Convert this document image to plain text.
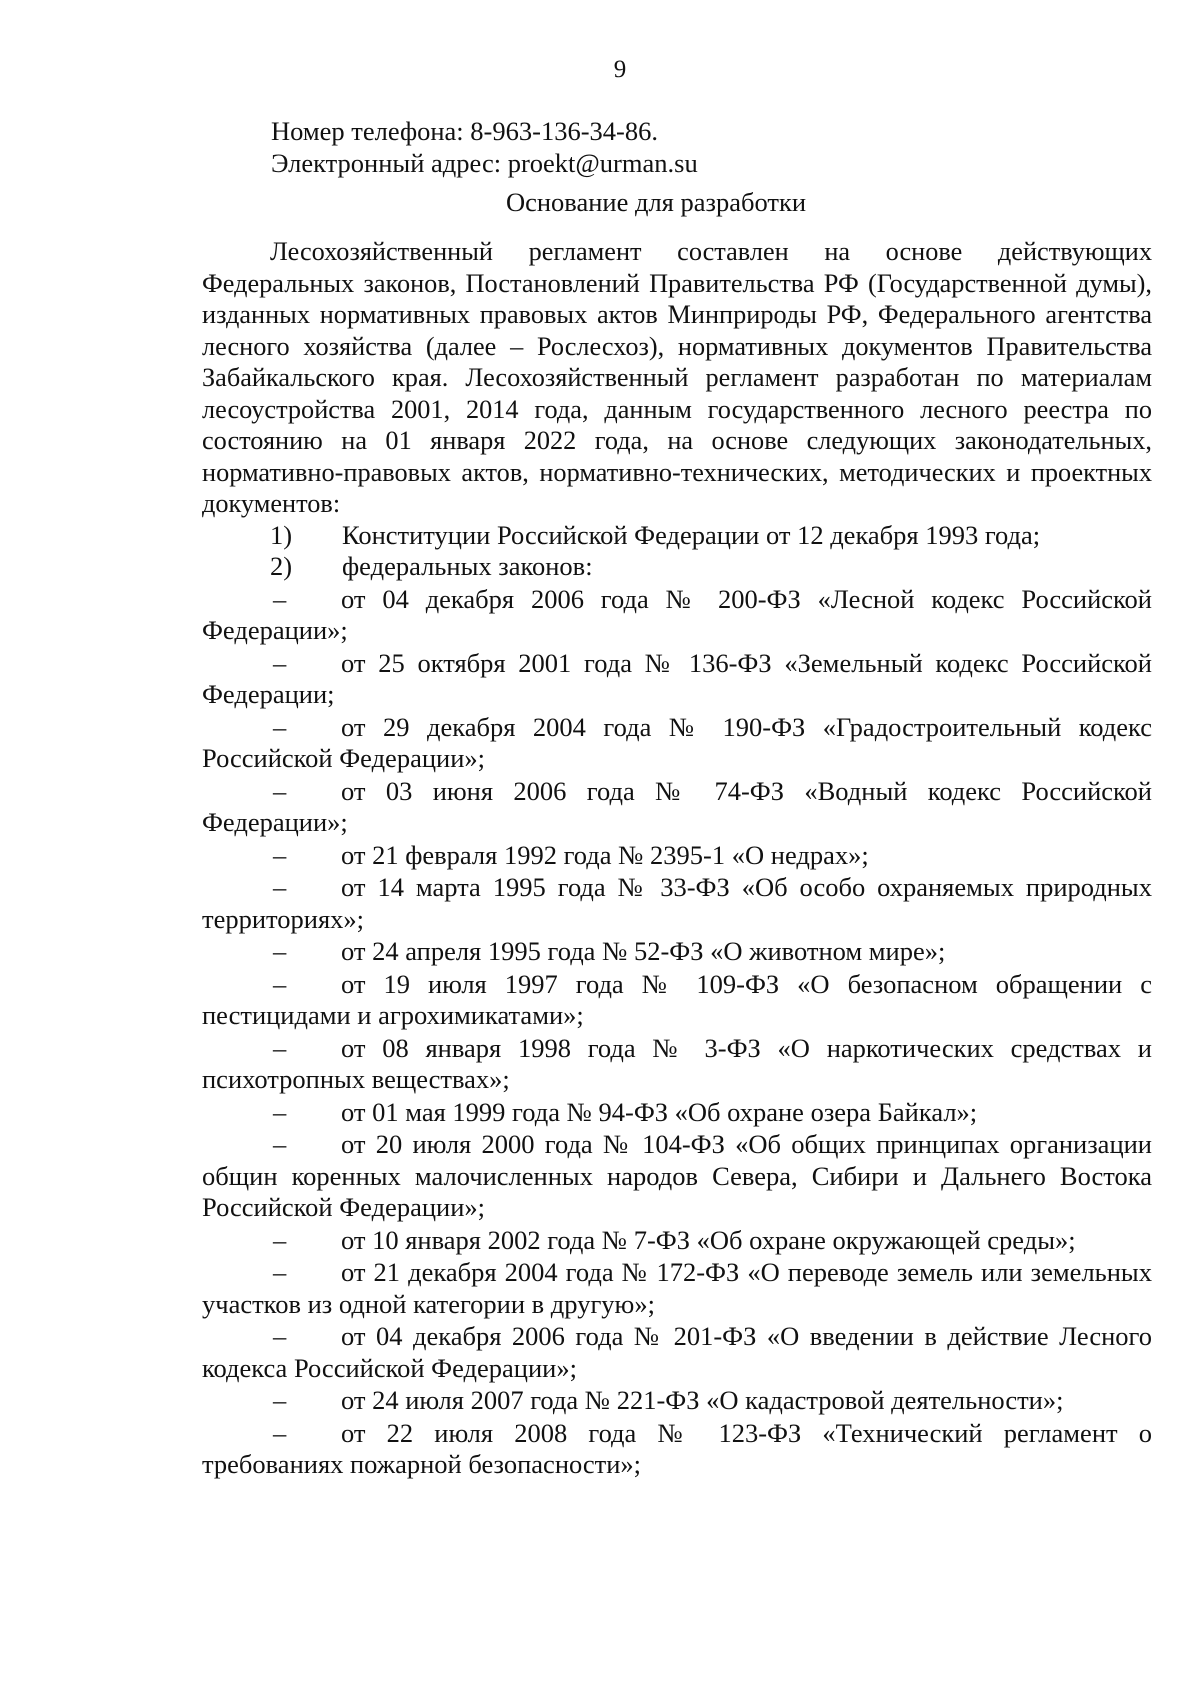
9
Номер телефона: 8-963-136-34-86.
Электронный адрес: proekt@urman.su
Основание для разработки

Лесохозяйственный регламент составлен на основе действующих Федеральных законов, Постановлений Правительства РФ (Государственной думы), изданных нормативных правовых актов Минприроды РФ, Федерального агентства лесного хозяйства (далее – Рослесхоз), нормативных документов Правительства Забайкальского края. Лесохозяйственный регламент разработан по материалам лесоустройства 2001, 2014 года, данным государственного лесного реестра по состоянию на 01 января 2022 года, на основе следующих законодательных, нормативно-правовых актов, нормативно-технических, методических и проектных документов:

1)	Конституции Российской Федерации от 12 декабря 1993 года;
2)	федеральных законов:
– от 04 декабря 2006 года № 200-ФЗ «Лесной кодекс Российской Федерации»;
– от 25 октября 2001 года № 136-ФЗ «Земельный кодекс Российской Федерации;
– от 29 декабря 2004 года № 190-ФЗ «Градостроительный кодекс Российской Федерации»;
– от 03 июня 2006 года № 74-ФЗ «Водный кодекс Российской Федерации»;
– от 21 февраля 1992 года № 2395-1 «О недрах»;
– от 14 марта 1995 года № 33-ФЗ «Об особо охраняемых природных территориях»;
– от 24 апреля 1995 года № 52-ФЗ «О животном мире»;
– от 19 июля 1997 года № 109-ФЗ «О безопасном обращении с пестицидами и агрохимикатами»;
– от 08 января 1998 года № 3-ФЗ «О наркотических средствах и психотропных веществах»;
– от 01 мая 1999 года № 94-ФЗ «Об охране озера Байкал»;
– от 20 июля 2000 года № 104-ФЗ «Об общих принципах организации общин коренных малочисленных народов Севера, Сибири и Дальнего Востока Российской Федерации»;
– от 10 января 2002 года № 7-ФЗ «Об охране окружающей среды»;
– от 21 декабря 2004 года № 172-ФЗ «О переводе земель или земельных участков из одной категории в другую»;
– от 04 декабря 2006 года № 201-ФЗ «О введении в действие Лесного кодекса Российской Федерации»;
– от 24 июля 2007 года № 221-ФЗ «О кадастровой деятельности»;
– от 22 июля 2008 года № 123-ФЗ «Технический регламент о требованиях пожарной безопасности»;
